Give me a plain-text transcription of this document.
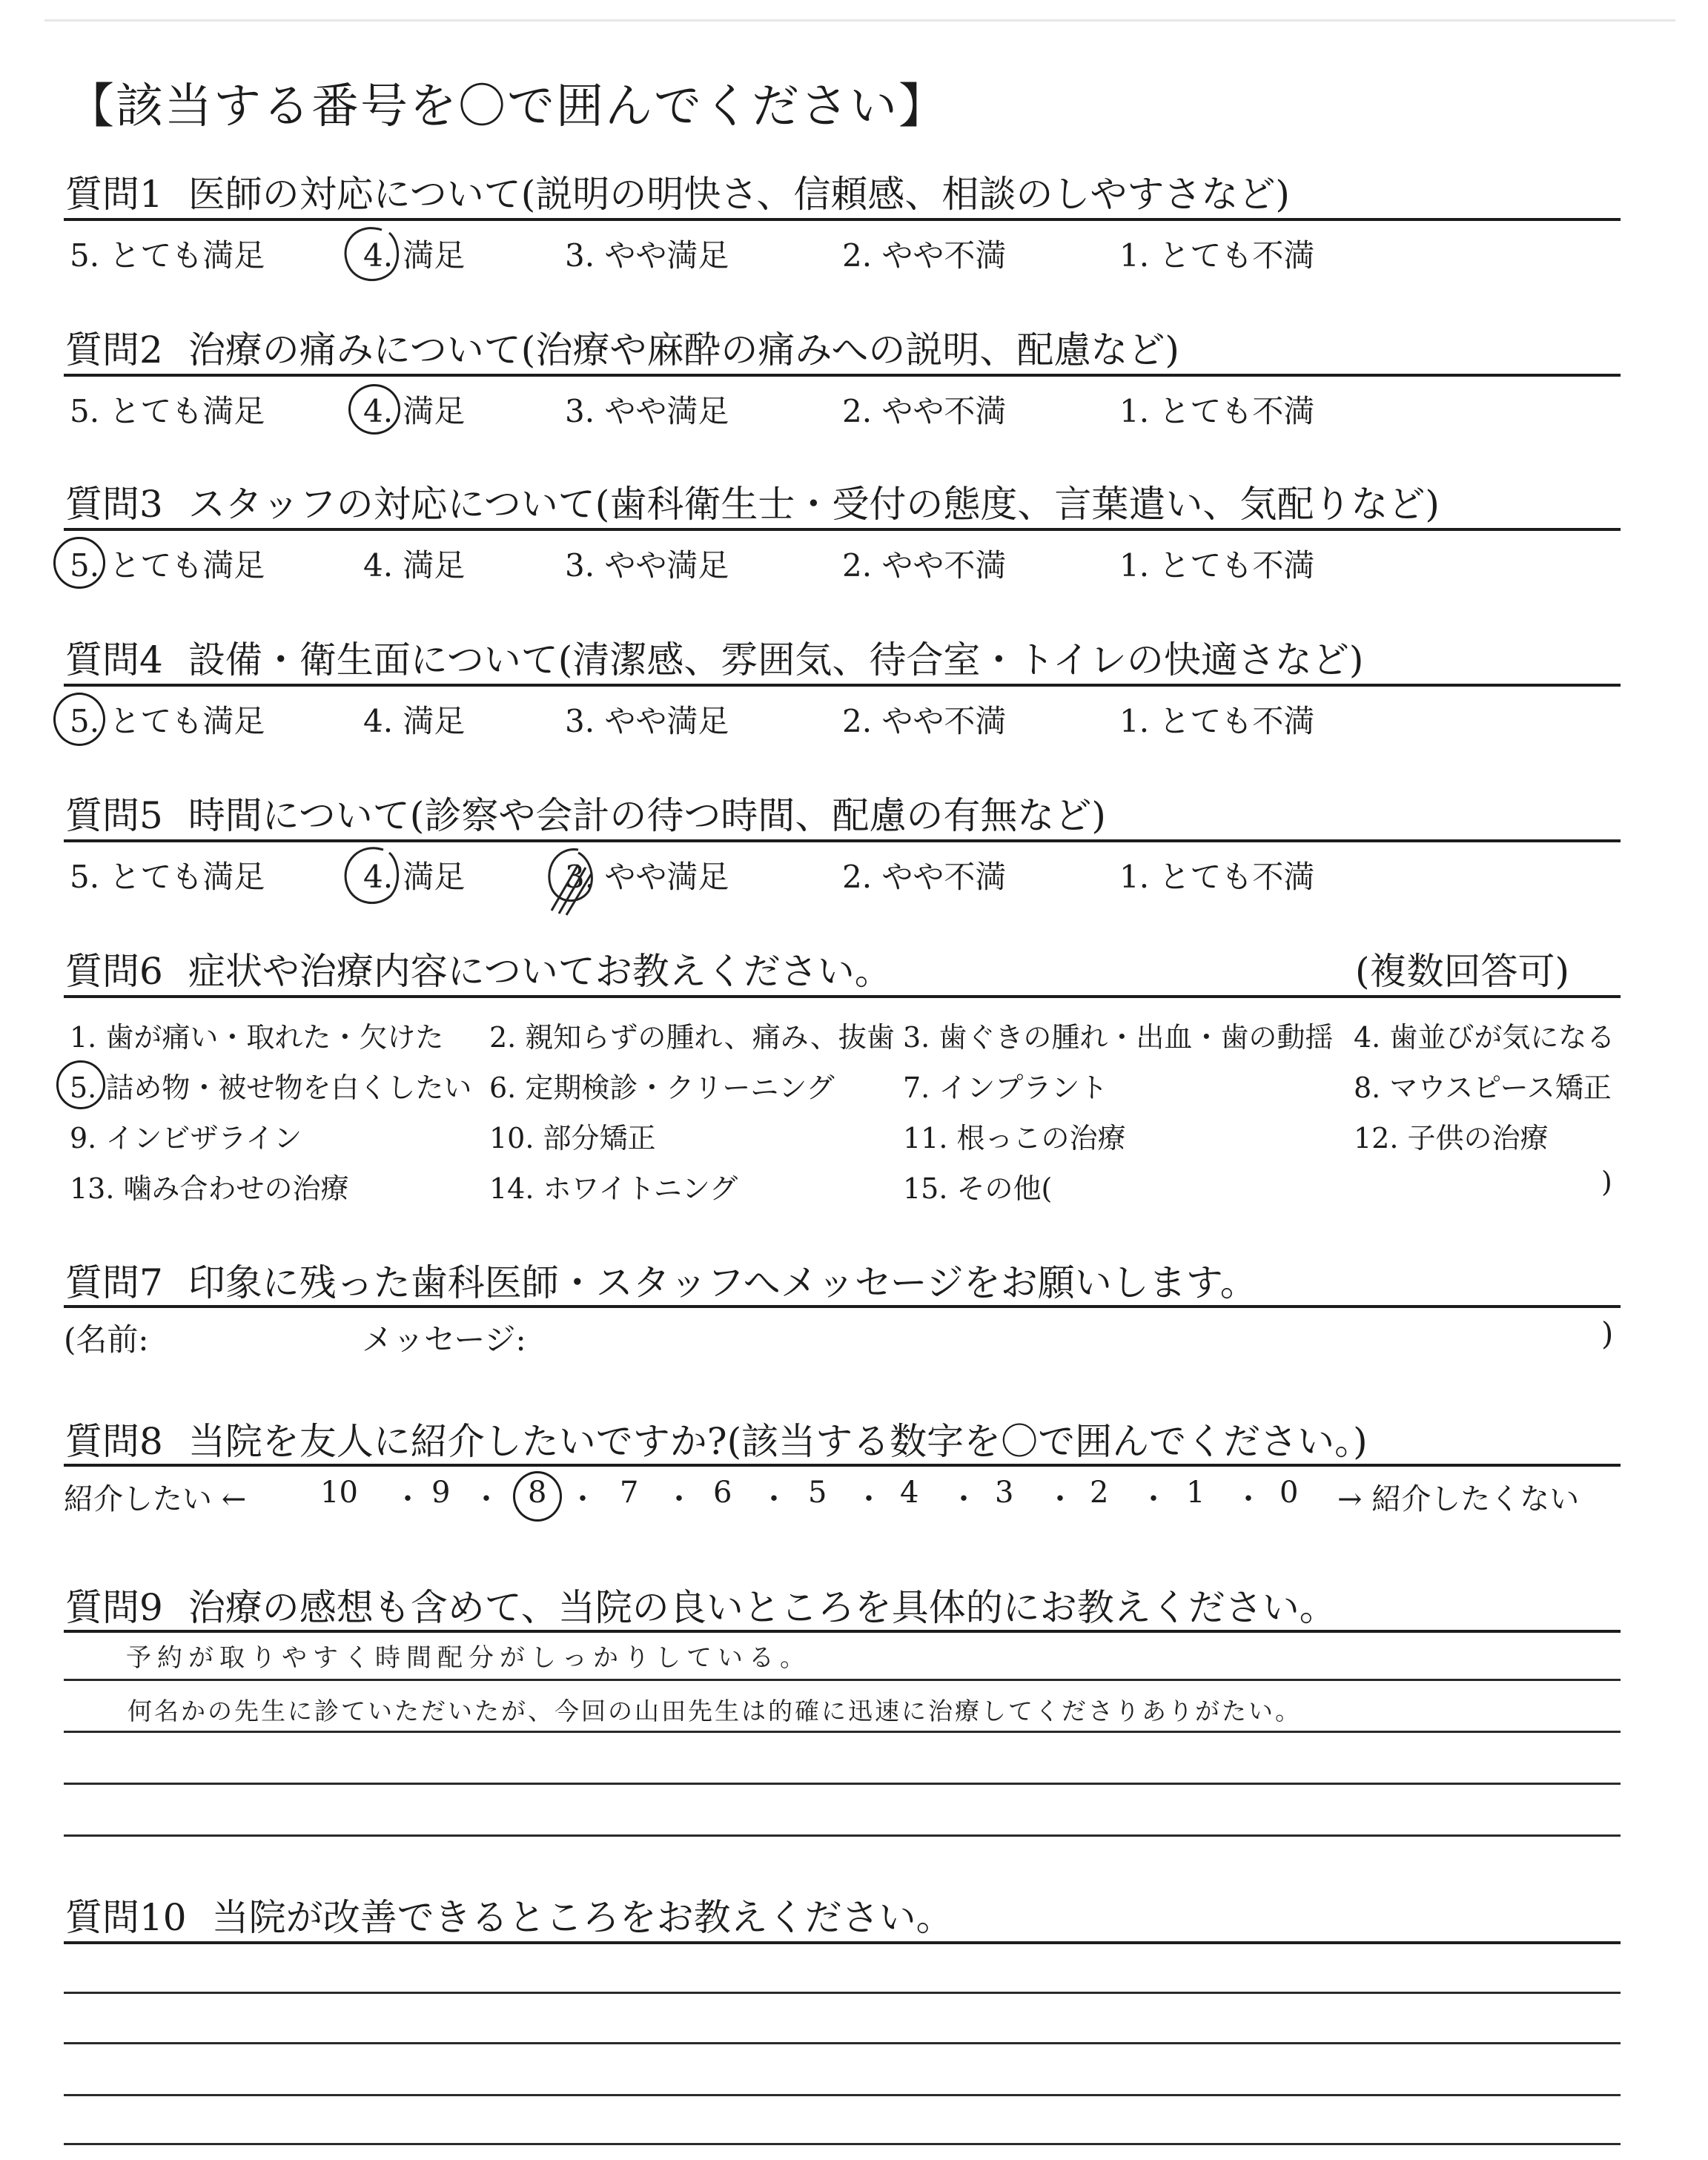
【該当する番号を〇で囲んでください】
質問1 医師の対応について(説明の明快さ、信頼感、相談のしやすさなど)
5. とても満足	4. 満足	3. やや満足	2. やや不満	1. とても不満
質問2 治療の痛みについて(治療や麻酔の痛みへの説明、配慮など)
5. とても満足	4. 満足	3. やや満足	2. やや不満	1. とても不満
質問3 スタッフの対応について(歯科衛生士・受付の態度、言葉遣い、気配りなど)
5. とても満足	4. 満足	3. やや満足	2. やや不満	1. とても不満
質問4 設備・衛生面について(清潔感、雰囲気、待合室・トイレの快適さなど)
5. とても満足	4. 満足	3. やや満足	2. やや不満	1. とても不満
質問5 時間について(診察や会計の待つ時間、配慮の有無など)
5. とても満足	4. 満足	3. やや満足	2. やや不満	1. とても不満
質問6 症状や治療内容についてお教えください。	(複数回答可)
1. 歯が痛い・取れた・欠けた 2. 親知らずの腫れ、痛み、抜歯 3. 歯ぐきの腫れ・出血・歯の動揺 4. 歯並びが気になる
5. 詰め物・被せ物を白くしたい 6. 定期検診・クリーニング 7. インプラント	8. マウスピース矯正
9. インビザライン	10. 部分矯正	11. 根っこの治療	12. 子供の治療
13. 噛み合わせの治療	14. ホワイトニング	15. その他(	)
質問7 印象に残った歯科医師・スタッフへメッセージをお願いします。
(名前:	メッセージ:	)
質問8 当院を友人に紹介したいですか?(該当する数字を〇で囲んでください。)
紹介したい ← 10 ・ 9 ・ 8 ・ 7 ・ 6 ・ 5 ・ 4 ・ 3 ・ 2 ・ 1 ・ 0 → 紹介したくない
質問9 治療の感想も含めて、当院の良いところを具体的にお教えください。
予約が取りやすく時間配分がしっかりしている。
何名かの先生に診ていただいたが、今回の山田先生は的確に迅速に治療してくださりありがたい。
質問10 当院が改善できるところをお教えください。
